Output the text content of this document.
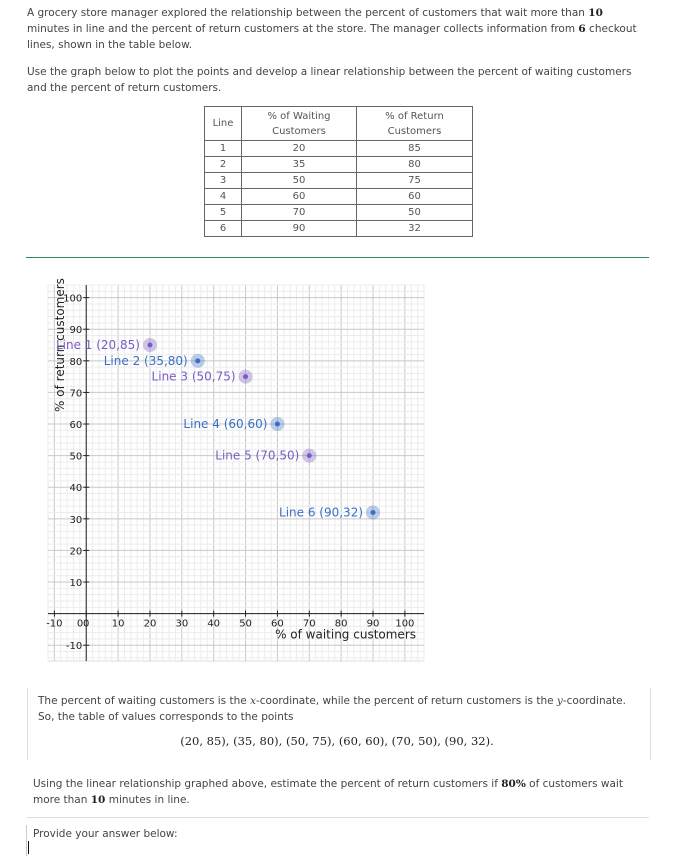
A grocery store manager explored the relationship between the percent of customers that wait more than 10 minutes in line and the percent of return customers at the store. The manager collects information from 6 checkout lines, shown in the table below.
Use the graph below to plot the points and develop a linear relationship between the percent of waiting customers and the percent of return customers.
Line	% of Waiting Customers	% of Return Customers
1	20	85
2	35	80
3	50	75
4	60	60
5	70	50
6	90	32
-10 0 10 20 30 40 50 60 70 80 90 100
0
-10
10
20
30
40
50
60
70
80
90
100
% of waiting customers
% of return customers
Line 1 (20,85)
Line 2 (35,80)
Line 3 (50,75)
Line 4 (60,60)
Line 5 (70,50)
Line 6 (90,32)
The percent of waiting customers is the x-coordinate, while the percent of return customers is the y-coordinate. So, the table of values corresponds to the points
(20, 85), (35, 80), (50, 75), (60, 60), (70, 50), (90, 32).
Using the linear relationship graphed above, estimate the percent of return customers if 80% of customers wait more than 10 minutes in line.
Provide your answer below:
